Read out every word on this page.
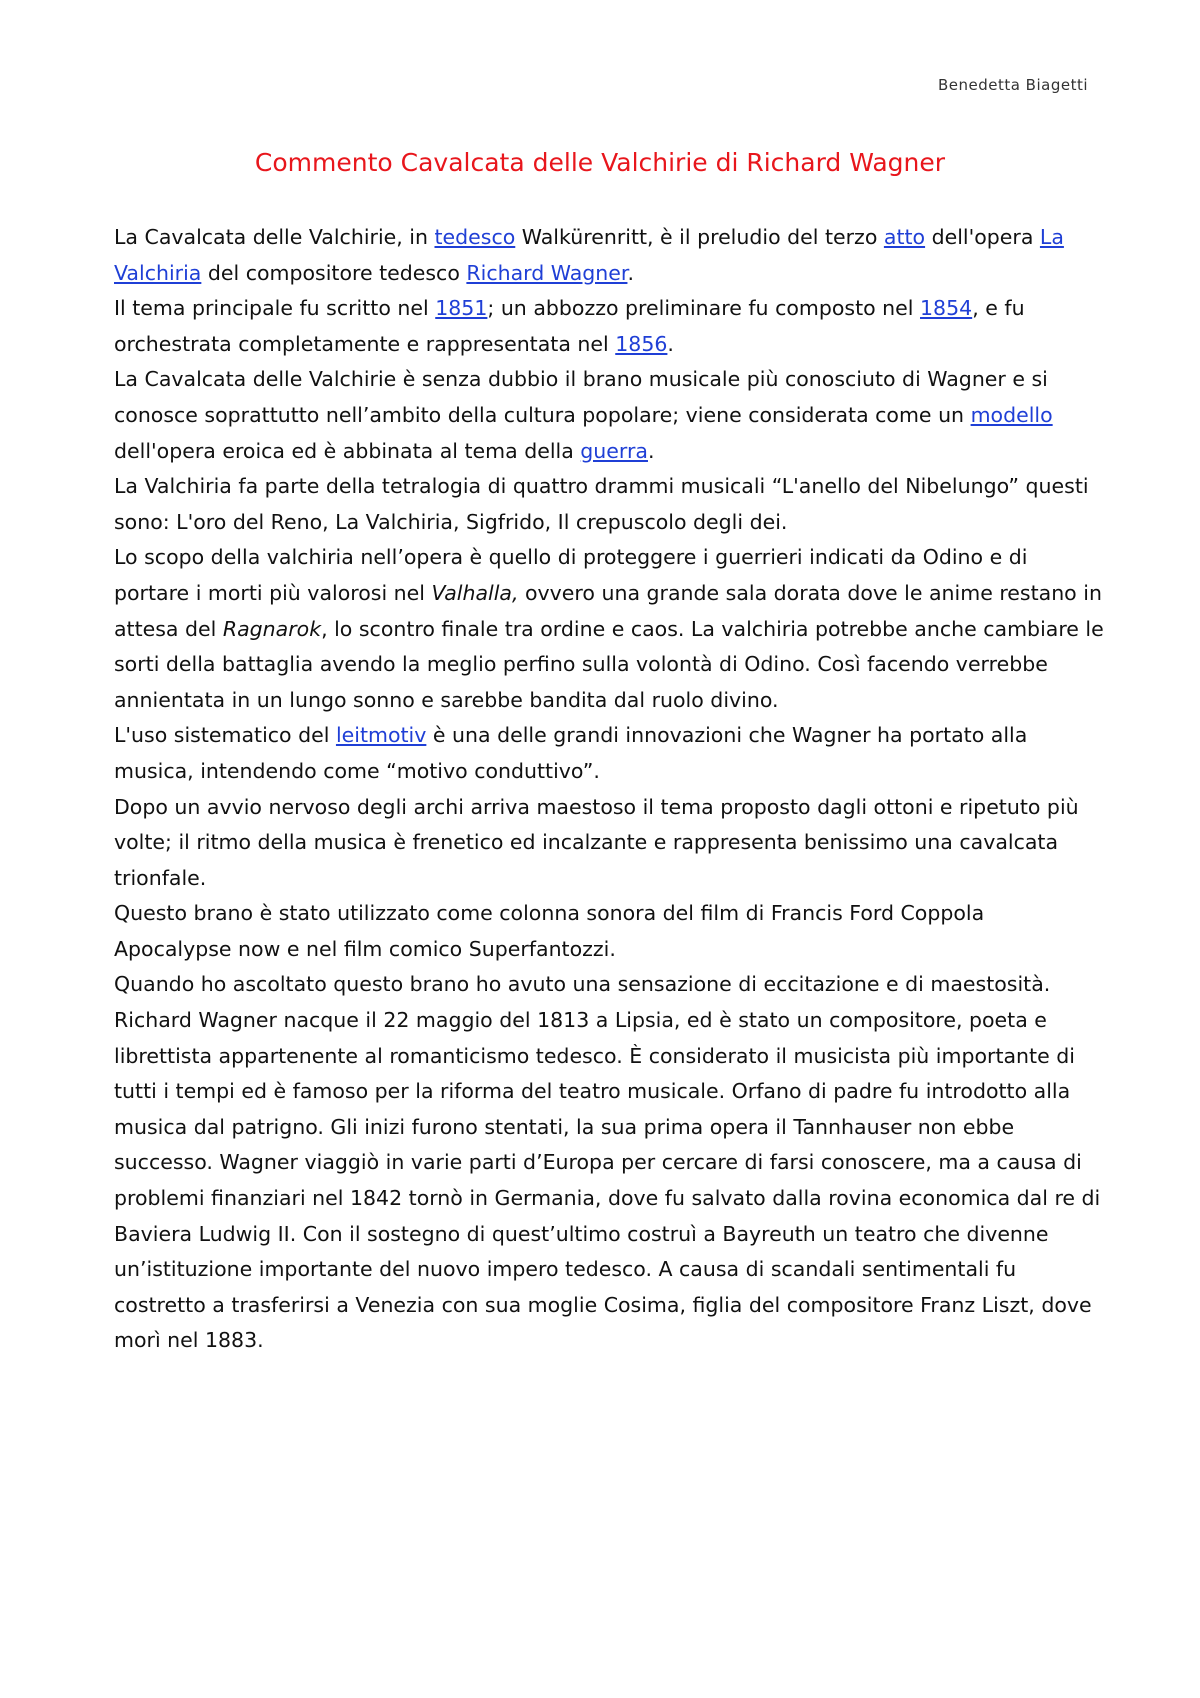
Benedetta Biagetti
Commento Cavalcata delle Valchirie di Richard Wagner

La Cavalcata delle Valchirie, in tedesco Walkürenritt, è il preludio del terzo atto dell'opera La Valchiria del compositore tedesco Richard Wagner.

Il tema principale fu scritto nel 1851; un abbozzo preliminare fu composto nel 1854, e fu orchestrata completamente e rappresentata nel 1856.

La Cavalcata delle Valchirie è senza dubbio il brano musicale più conosciuto di Wagner e si conosce soprattutto nell’ambito della cultura popolare; viene considerata come un modello dell'opera eroica ed è abbinata al tema della guerra.

La Valchiria fa parte della tetralogia di quattro drammi musicali “L'anello del Nibelungo” questi sono: L'oro del Reno, La Valchiria, Sigfrido, Il crepuscolo degli dei.

Lo scopo della valchiria nell’opera è quello di proteggere i guerrieri indicati da Odino e di portare i morti più valorosi nel Valhalla, ovvero una grande sala dorata dove le anime restano in attesa del Ragnarok, lo scontro finale tra ordine e caos. La valchiria potrebbe anche cambiare le sorti della battaglia avendo la meglio perfino sulla volontà di Odino. Così facendo verrebbe annientata in un lungo sonno e sarebbe bandita dal ruolo divino.

L'uso sistematico del leitmotiv è una delle grandi innovazioni che Wagner ha portato alla musica, intendendo come “motivo conduttivo”.

Dopo un avvio nervoso degli archi arriva maestoso il tema proposto dagli ottoni e ripetuto più volte; il ritmo della musica è frenetico ed incalzante e rappresenta benissimo una cavalcata trionfale.

Questo brano è stato utilizzato come colonna sonora del film di Francis Ford Coppola Apocalypse now e nel film comico Superfantozzi.

Quando ho ascoltato questo brano ho avuto una sensazione di eccitazione e di maestosità.

Richard Wagner nacque il 22 maggio del 1813 a Lipsia, ed è stato un compositore, poeta e librettista appartenente al romanticismo tedesco. È considerato il musicista più importante di tutti i tempi ed è famoso per la riforma del teatro musicale. Orfano di padre fu introdotto alla musica dal patrigno. Gli inizi furono stentati, la sua prima opera il Tannhauser non ebbe successo. Wagner viaggiò in varie parti d’Europa per cercare di farsi conoscere, ma a causa di problemi finanziari nel 1842 tornò in Germania, dove fu salvato dalla rovina economica dal re di Baviera Ludwig II. Con il sostegno di quest’ultimo costruì a Bayreuth un teatro che divenne un’istituzione importante del nuovo impero tedesco. A causa di scandali sentimentali fu costretto a trasferirsi a Venezia con sua moglie Cosima, figlia del compositore Franz Liszt, dove morì nel 1883.
